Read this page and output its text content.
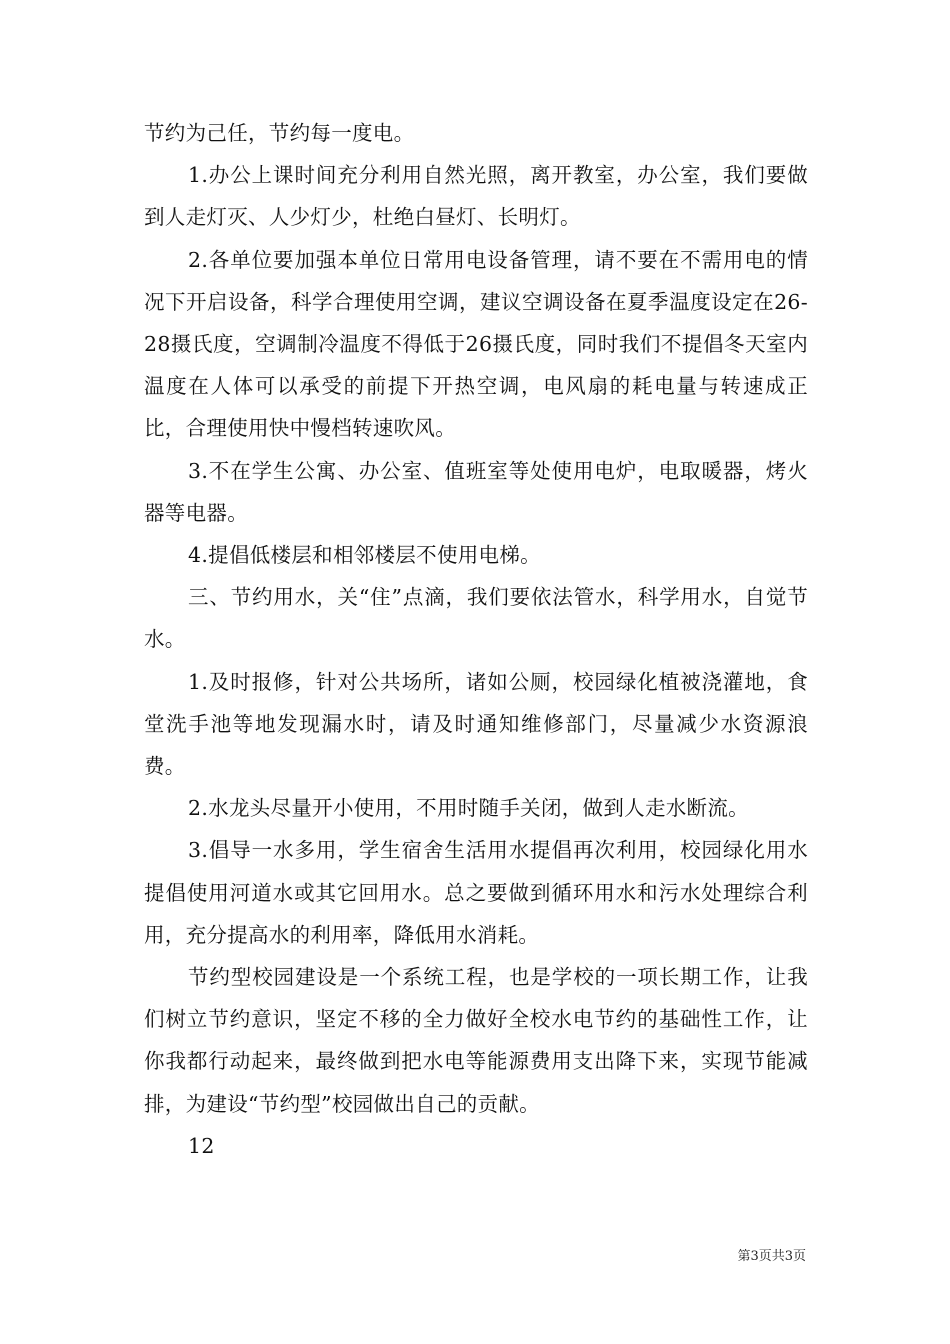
节约为己任，节约每一度电。

1.办公上课时间充分利用自然光照，离开教室，办公室，我们要做到人走灯灭、人少灯少，杜绝白昼灯、长明灯。

2.各单位要加强本单位日常用电设备管理，请不要在不需用电的情况下开启设备，科学合理使用空调，建议空调设备在夏季温度设定在26-28摄氏度，空调制冷温度不得低于26摄氏度，同时我们不提倡冬天室内温度在人体可以承受的前提下开热空调，电风扇的耗电量与转速成正比，合理使用快中慢档转速吹风。

3.不在学生公寓、办公室、值班室等处使用电炉，电取暖器，烤火器等电器。

4.提倡低楼层和相邻楼层不使用电梯。

三、节约用水，关“住”点滴，我们要依法管水，科学用水，自觉节水。

1.及时报修，针对公共场所，诸如公厕，校园绿化植被浇灌地，食堂洗手池等地发现漏水时，请及时通知维修部门，尽量减少水资源浪费。

2.水龙头尽量开小使用，不用时随手关闭，做到人走水断流。

3.倡导一水多用，学生宿舍生活用水提倡再次利用，校园绿化用水提倡使用河道水或其它回用水。总之要做到循环用水和污水处理综合利用，充分提高水的利用率，降低用水消耗。

节约型校园建设是一个系统工程，也是学校的一项长期工作，让我们树立节约意识，坚定不移的全力做好全校水电节约的基础性工作，让你我都行动起来，最终做到把水电等能源费用支出降下来，实现节能减排，为建设“节约型”校园做出自己的贡献。

12

第3页共3页
